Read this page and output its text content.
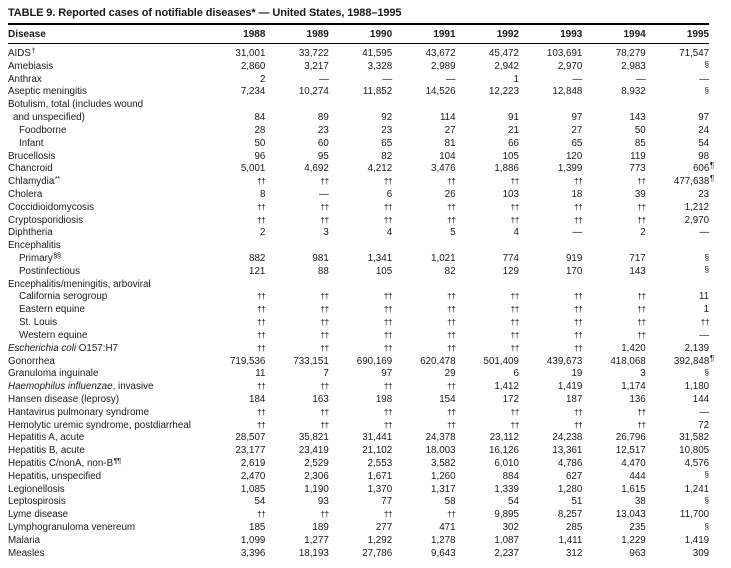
TABLE 9. Reported cases of notifiable diseases* — United States, 1988–1995
Disease	1988	1989	1990	1991	1992	1993	1994	1995
AIDS†	31,001	33,722	41,595	43,672	45,472	103,691	78,279	71,547
Amebiasis	2,860	3,217	3,328	2,989	2,942	2,970	2,983	§
Anthrax	2	—	—	—	1	—	—	—
Aseptic meningitis	7,234	10,274	11,852	14,526	12,223	12,848	8,932	§
Botulism, total (includes wound
and unspecified)	84	89	92	114	91	97	143	97
Foodborne	28	23	23	27	21	27	50	24
Infant	50	60	65	81	66	65	85	54
Brucellosis	96	95	82	104	105	120	119	98
Chancroid	5,001	4,692	4,212	3,476	1,886	1,399	773	606¶
Chlamydia**	††	††	††	††	††	††	††	477,638¶
Cholera	8	—	6	26	103	18	39	23
Coccidioidomycosis	††	††	††	††	††	††	††	1,212
Cryptosporidiosis	††	††	††	††	††	††	††	2,970
Diphtheria	2	3	4	5	4	—	2	—
Encephalitis
Primary§§	882	981	1,341	1,021	774	919	717	§
Postinfectious	121	88	105	82	129	170	143	§
Encephalitis/meningitis, arboviral
California serogroup	††	††	††	††	††	††	††	11
Eastern equine	††	††	††	††	††	††	††	1
St. Louis	††	††	††	††	††	††	††	††
Western equine	††	††	††	††	††	††	††	—
Escherichia coli O157:H7	††	††	††	††	††	††	1,420	2,139
Gonorrhea	719,536	733,151	690,169	620,478	501,409	439,673	418,068	392,848¶
Granuloma inguinale	11	7	97	29	6	19	3	§
Haemophilus influenzae, invasive	††	††	††	††	1,412	1,419	1,174	1,180
Hansen disease (leprosy)	184	163	198	154	172	187	136	144
Hantavirus pulmonary syndrome	††	††	††	††	††	††	††	—
Hemolytic uremic syndrome, postdiarrheal	††	††	††	††	††	††	††	72
Hepatitis A, acute	28,507	35,821	31,441	24,378	23,112	24,238	26,796	31,582
Hepatitis B, acute	23,177	23,419	21,102	18,003	16,126	13,361	12,517	10,805
Hepatitis C/nonA, non-B¶¶	2,619	2,529	2,553	3,582	6,010	4,786	4,470	4,576
Hepatitis, unspecified	2,470	2,306	1,671	1,260	884	627	444	§
Legionellosis	1,085	1,190	1,370	1,317	1,339	1,280	1,615	1,241
Leptospirosis	54	93	77	58	54	51	38	§
Lyme disease	††	††	††	††	9,895	8,257	13,043	11,700
Lymphogranuloma venereum	185	189	277	471	302	285	235	§
Malaria	1,099	1,277	1,292	1,278	1,087	1,411	1,229	1,419
Measles	3,396	18,193	27,786	9,643	2,237	312	963	309
